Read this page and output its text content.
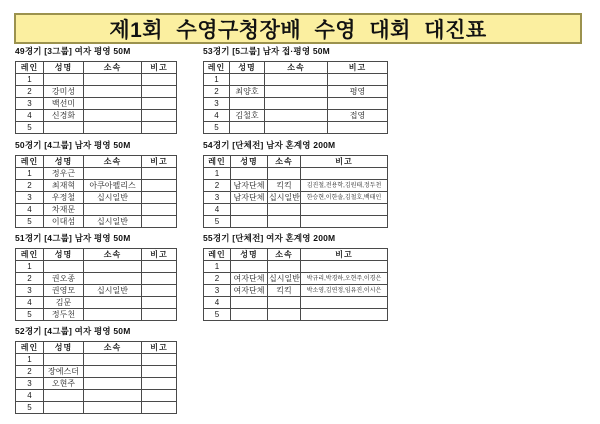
제1회 수영구청장배 수영 대회 대진표
49경기 [3그룹] 여자 평영 50M
레인	성명	소속	비고
1			
2	강미성		
3	백선미		
4	신경화		
5			
50경기 [4그룹] 남자 평영 50M
레인	성명	소속	비고
1	정우근		
2	최재혁	아쿠아펠리스	
3	우정철	십시일반	
4	차재문		
5	이대섬	십시일반	
51경기 [4그룹] 남자 평영 50M
레인	성명	소속	비고
1			
2	권오종		
3	권영모	십시일반	
4	김문		
5	정두천		
52경기 [4그룹] 여자 평영 50M
레인	성명	소속	비고
1			
2	장에스더		
3	오현주		
4			
5			
53경기 [5그룹] 남자 접·평영 50M
레인	성명	소속	비고
1			
2	최양호		평영
3			
4	김철호		접영
5			
54경기 [단체전] 남자 혼계영 200M
레인	성명	소속	비고
1			
2	남자단체	킥킥	김진철,전용학,김원태,정두천
3	남자단체	십시일반	한승현,이한솔,김철호,백태인
4			
5			
55경기 [단체전] 여자 혼계영 200M
레인	성명	소속	비고
1			
2	여자단체	십시일반	박규리,박경하,오현주,이경은
3	여자단체	킥킥	박소영,김연정,임유진,이시은
4			
5			
